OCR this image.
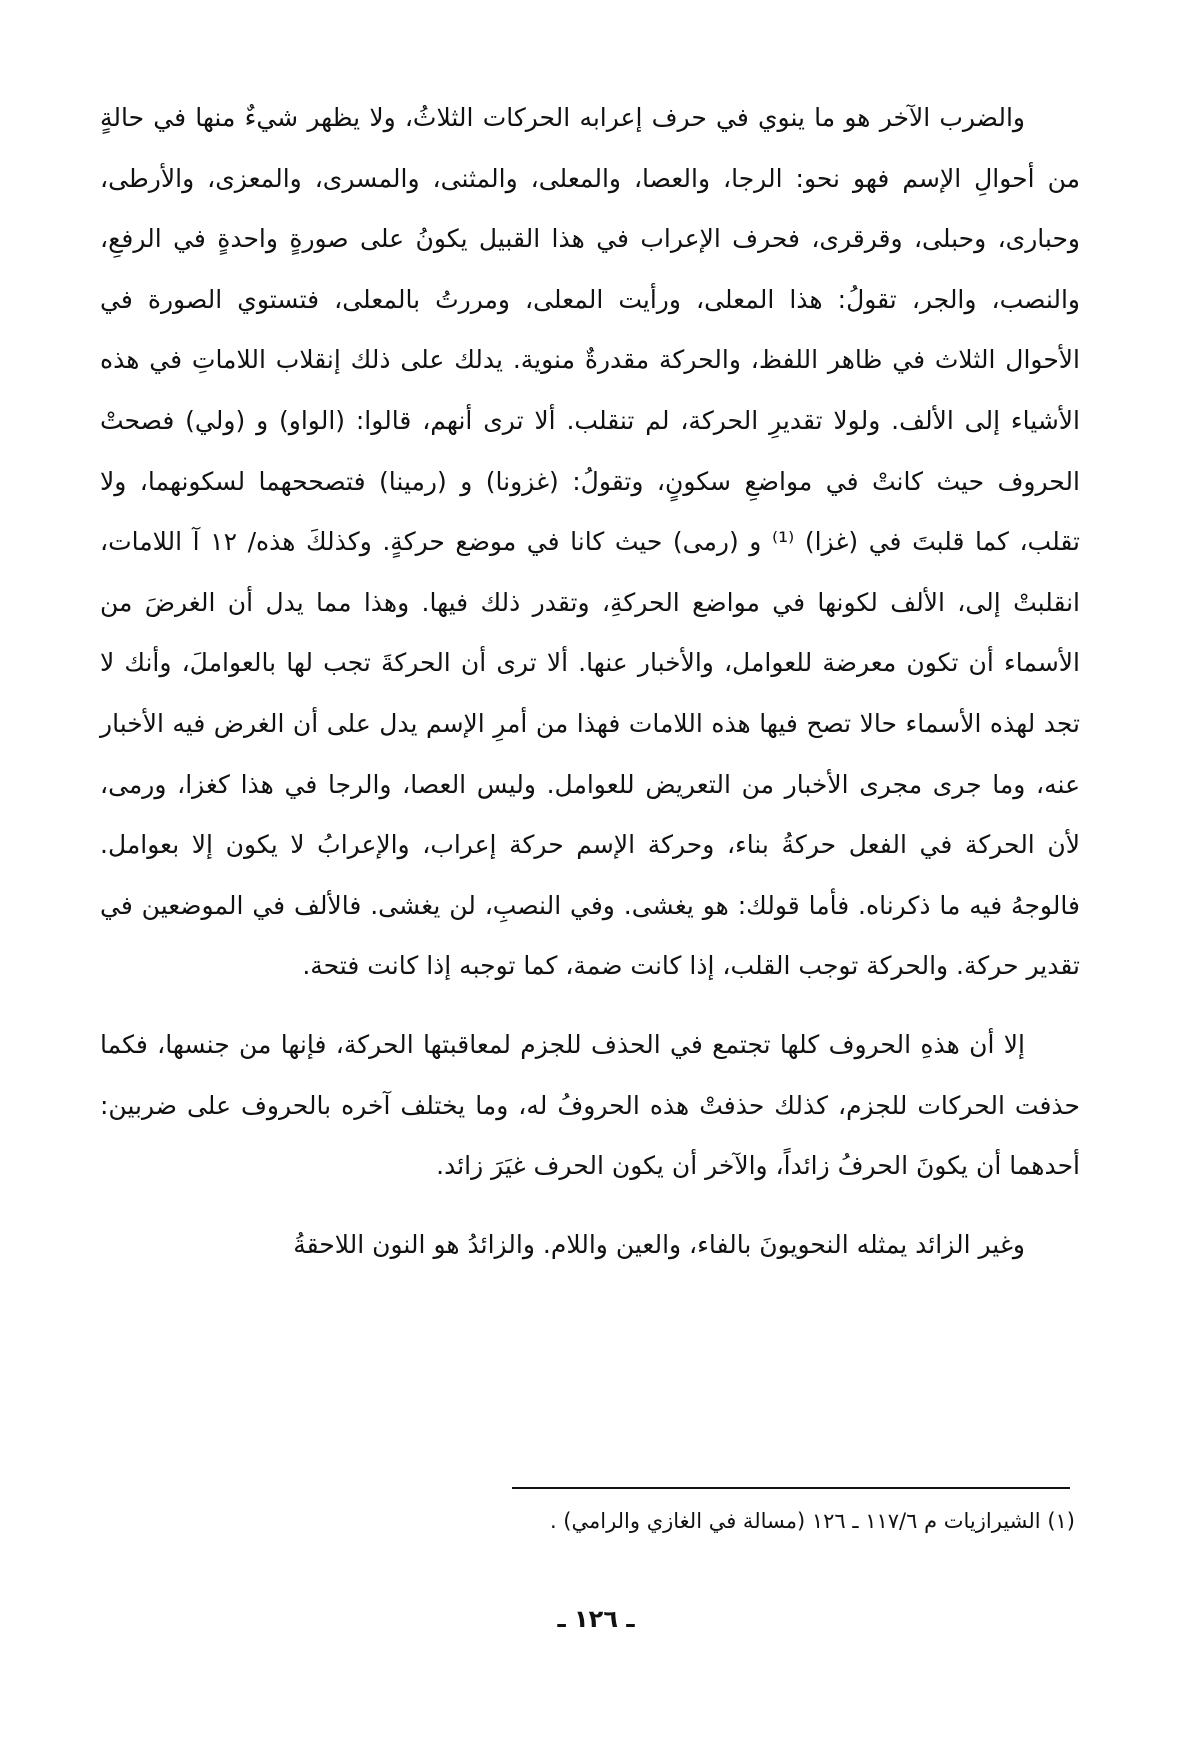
والضرب الآخر هو ما ينوي في حرف إعرابه الحركات الثلاثُ، ولا يظهر شيءٌ منها في حالةٍ من أحوالِ الإسم فهو نحو: الرجا، والعصا، والمعلى، والمثنى، والمسرى، والمعزى، والأرطى، وحبارى، وحبلى، وقرقرى، فحرف الإعراب في هذا القبيل يكونُ على صورةٍ واحدةٍ في الرفعِ، والنصب، والجر، تقولُ: هذا المعلى، ورأيت المعلى، ومررتُ بالمعلى، فتستوي الصورة في الأحوال الثلاث في ظاهر اللفظ، والحركة مقدرةٌ منوية. يدلك على ذلك إنقلاب اللاماتِ في هذه الأشياء إلى الألف. ولولا تقديرِ الحركة، لم تنقلب. ألا ترى أنهم، قالوا: (الواو) و (ولي) فصحتْ الحروف حيث كانتْ في مواضعِ سكونٍ، وتقولُ: (غزونا) و (رمينا) فتصححهما لسكونهما، ولا تقلب، كما قلبتَ في (غزا) ⁽¹⁾ و (رمى) حيث كانا في موضع حركةٍ. وكذلكَ هذه/ ١٢ آ اللامات، انقلبتْ إلى، الألف لكونها في مواضع الحركةِ، وتقدر ذلك فيها. وهذا مما يدل أن الغرضَ من الأسماء أن تكون معرضة للعوامل، والأخبار عنها. ألا ترى أن الحركةَ تجب لها بالعواملَ، وأنك لا تجد لهذه الأسماء حالا تصح فيها هذه اللامات فهذا من أمرِ الإسم يدل على أن الغرض فيه الأخبار عنه، وما جرى مجرى الأخبار من التعريض للعوامل. وليس العصا، والرجا في هذا كغزا، ورمى، لأن الحركة في الفعل حركةُ بناء، وحركة الإسم حركة إعراب، والإعرابُ لا يكون إلا بعوامل. فالوجهُ فيه ما ذكرناه. فأما قولك: هو يغشى. وفي النصبِ، لن يغشى. فالألف في الموضعين في تقدير حركة. والحركة توجب القلب، إذا كانت ضمة، كما توجبه إذا كانت فتحة.

إلا أن هذهِ الحروف كلها تجتمع في الحذف للجزم لمعاقبتها الحركة، فإنها من جنسها، فكما حذفت الحركات للجزم، كذلك حذفتْ هذه الحروفُ له، وما يختلف آخره بالحروف على ضربين: أحدهما أن يكونَ الحرفُ زائداً، والآخر أن يكون الحرف غيَرَ زائد.

وغير الزائد يمثله النحويونَ بالفاء، والعين واللام. والزائدُ هو النون اللاحقةُ

(١) الشيرازيات م ١١٧/٦ ـ ١٢٦ (مسالة في الغازي والرامي) .
ـ ١٢٦ ـ
